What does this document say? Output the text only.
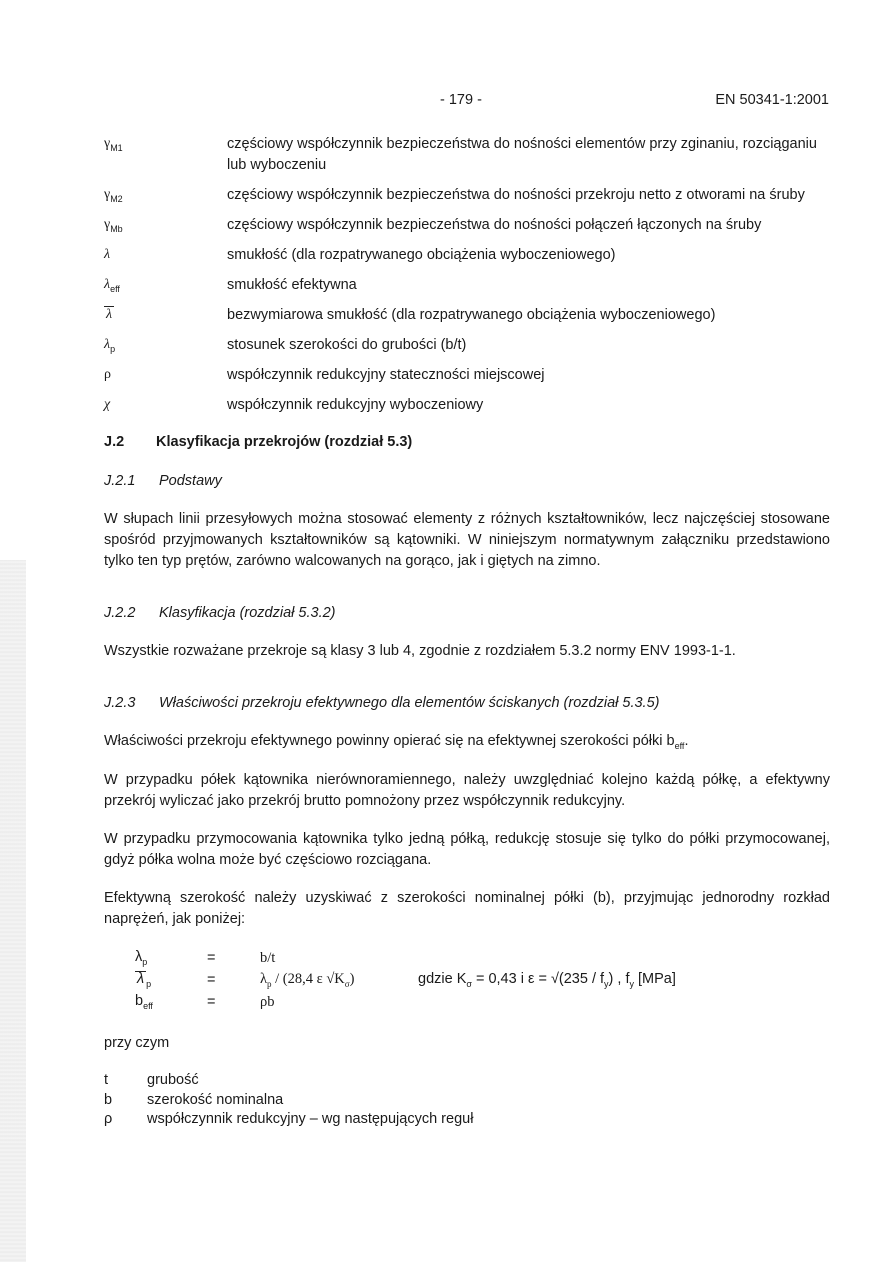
- 179 -	EN 50341-1:2001
$\gamma_{M1}$	częściowy współczynnik bezpieczeństwa do nośności elementów przy zginaniu, rozciąganiu lub wyboczeniu
$\gamma_{M2}$	częściowy współczynnik bezpieczeństwa do nośności przekroju netto z otworami na śruby
$\gamma_{Mb}$	częściowy współczynnik bezpieczeństwa do nośności połączeń łączonych na śruby
λ	smukłość (dla rozpatrywanego obciążenia wyboczeniowego)
$\lambda_{eff}$	smukłość efektywna
λ	bezwymiarowa smukłość (dla rozpatrywanego obciążenia wyboczeniowego)
$\lambda_p$	stosunek szerokości do grubości (b/t)
ρ	współczynnik redukcyjny stateczności miejscowej
χ	współczynnik redukcyjny wyboczeniowy
J.2	Klasyfikacja przekrojów (rozdział 5.3)
J.2.1	Podstawy

W słupach linii przesyłowych można stosować elementy z różnych kształtowników, lecz najczęściej stosowane spośród przyjmowanych kształtowników są kątowniki. W niniejszym normatywnym załączniku przedstawiono tylko ten typ prętów, zarówno walcowanych na gorąco, jak i giętych na zimno.

J.2.2	Klasyfikacja (rozdział 5.3.2)

Wszystkie rozważane przekroje są klasy 3 lub 4, zgodnie z rozdziałem 5.3.2 normy ENV 1993-1-1.

J.2.3	Właściwości przekroju efektywnego dla elementów ściskanych (rozdział 5.3.5)

Właściwości przekroju efektywnego powinny opierać się na efektywnej szerokości półki $b_{eff}$.

W przypadku półek kątownika nierównoramiennego, należy uwzględniać kolejno każdą półkę, a efektywny przekrój wyliczać jako przekrój brutto pomnożony przez współczynnik redukcyjny.

W przypadku przymocowania kątownika tylko jedną półką, redukcję stosuje się tylko do półki przymocowanej, gdyż półka wolna może być częściowo rozciągana.

Efektywną szerokość należy uzyskiwać z szerokości nominalnej półki (b), przyjmując jednorodny rozkład naprężeń, jak poniżej:

$\lambda_p$	=	b/t
λ $_p$	=	$\lambda_p / (28,4$ ε $√K_\sigma$)	gdzie $K_\sigma = 0,43$ i $\varepsilon = √(235 / f_y)$ , $f_y$ [MPa]
$b_{eff}$	=	ρb

przy czym

t	grubość
b	szerokość nominalna
ρ	współczynnik redukcyjny – wg następujących reguł
